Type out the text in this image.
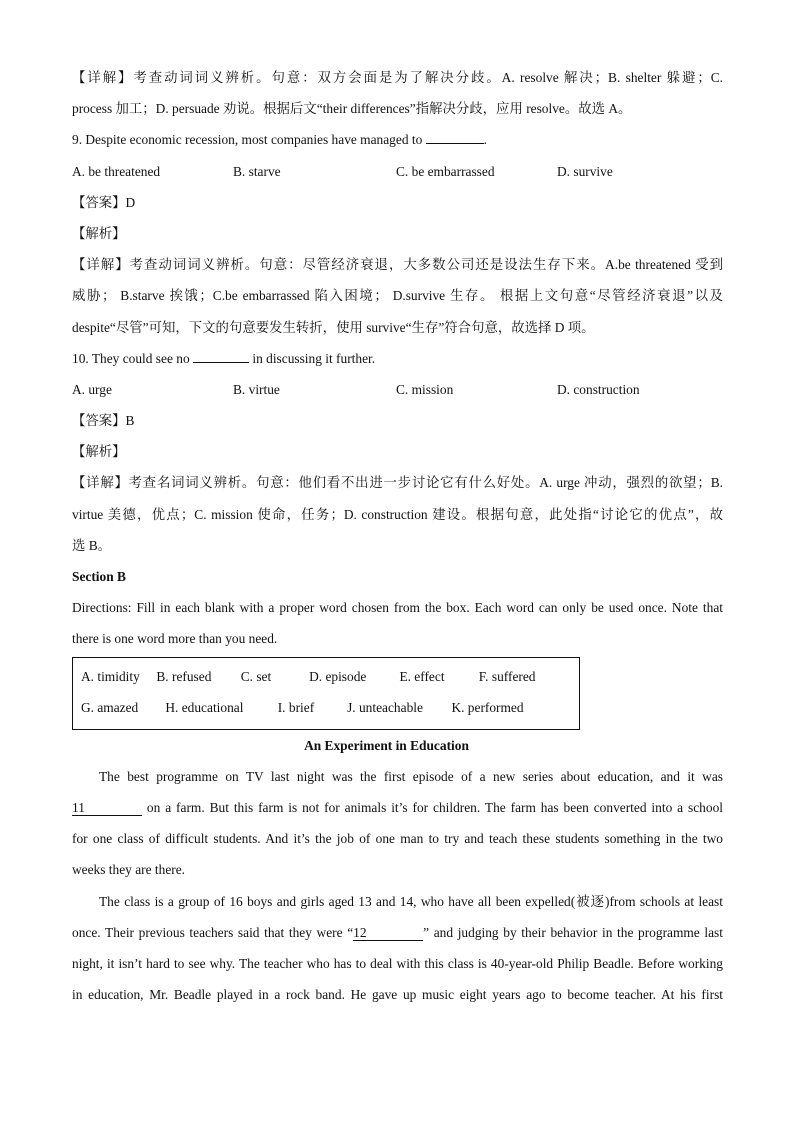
【详解】考查动词词义辨析。句意：双方会面是为了解决分歧。A. resolve 解决；B. shelter 躲避；C.
process 加工；D. persuade 劝说。根据后文“their differences”指解决分歧，应用 resolve。故选 A。
9. Despite economic recession, most companies have managed to	.
A. be threatened	B. starve	C. be embarrassed	D. survive
【答案】D
【解析】
【详解】考查动词词义辨析。句意：尽管经济衰退，大多数公司还是设法生存下来。A.be threatened 受到
威胁； B.starve 挨饿；C.be embarrassed 陷入困境； D.survive 生存。 根据上文句意“尽管经济衰退”以及
despite“尽管”可知，下文的句意要发生转折，使用 survive“生存”符合句意，故选择 D 项。
10. They could see no	in discussing it further.
A. urge	B. virtue	C. mission	D. construction
【答案】B
【解析】
【详解】考查名词词义辨析。句意：他们看不出进一步讨论它有什么好处。A. urge 冲动，强烈的欲望；B.
virtue 美德，优点；C. mission 使命，任务；D. construction 建设。根据句意，此处指“讨论它的优点”，故
选 B。
Section B
Directions: Fill in each blank with a proper word chosen from the box. Each word can only be used once. Note that
there is one word more than you need.
A. timidity B. refused C. set	D. episode E. effect	F. suffered
G. amazed H. educational	I. brief J. unteachable K. performed
An Experiment in Education
The best programme on TV last night was the first episode of a new series about education, and it was
11	on a farm. But this farm is not for animals it’s for children. The farm has been converted into a school
for one class of difficult students. And it’s the job of one man to try and teach these students something in the two
weeks they are there.
The class is a group of 16 boys and girls aged 13 and 14, who have all been expelled(被逐)from schools at least
once. Their previous teachers said that they were “12	” and judging by their behavior in the programme last
night, it isn’t hard to see why. The teacher who has to deal with this class is 40-year-old Philip Beadle. Before working
in education, Mr. Beadle played in a rock band. He gave up music eight years ago to become teacher. At his first
